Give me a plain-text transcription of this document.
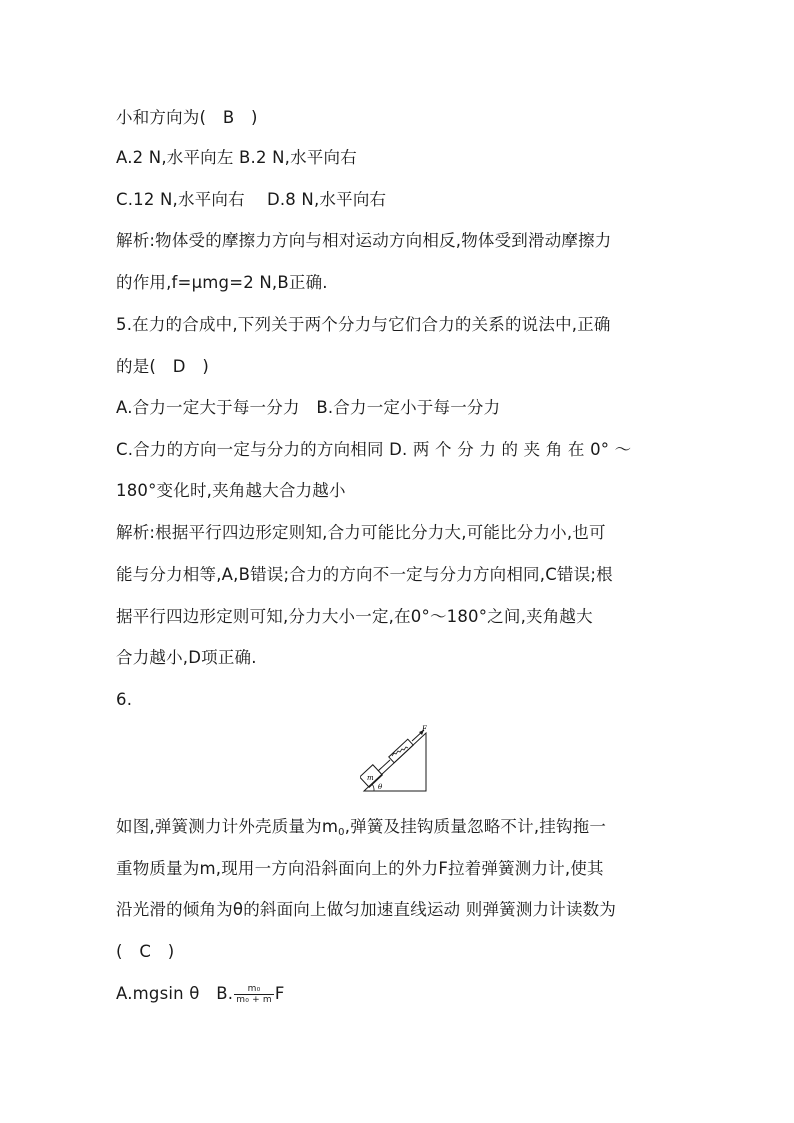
小和方向为(　B　)
A.2 N,水平向左 B.2 N,水平向右
C.12 N,水平向右　 D.8 N,水平向右
解析:物体受的摩擦力方向与相对运动方向相反,物体受到滑动摩擦力
的作用,f=μmg=2 N,B正确.
5.在力的合成中,下列关于两个分力与它们合力的关系的说法中,正确
的是(　D　)
A.合力一定大于每一分力　B.合力一定小于每一分力
C.合力的方向一定与分力的方向相同 D. 两 个 分 力 的 夹 角 在 0° ～
180°变化时,夹角越大合力越小
解析:根据平行四边形定则知,合力可能比分力大,可能比分力小,也可
能与分力相等,A,B错误;合力的方向不一定与分力方向相同,C错误;根
据平行四边形定则可知,分力大小一定,在0°～180°之间,夹角越大
合力越小,D项正确.
6.
m
F
θ
如图,弹簧测力计外壳质量为$m_0$,弹簧及挂钩质量忽略不计,挂钩拖一
重物质量为m,现用一方向沿斜面向上的外力F拉着弹簧测力计,使其
沿光滑的倾角为θ的斜面向上做匀加速直线运动 则弹簧测力计读数为
(　C　)
A.mgsin θ　B. $\frac{\text{m₀}}{\text{m₀ + m}}$ F
